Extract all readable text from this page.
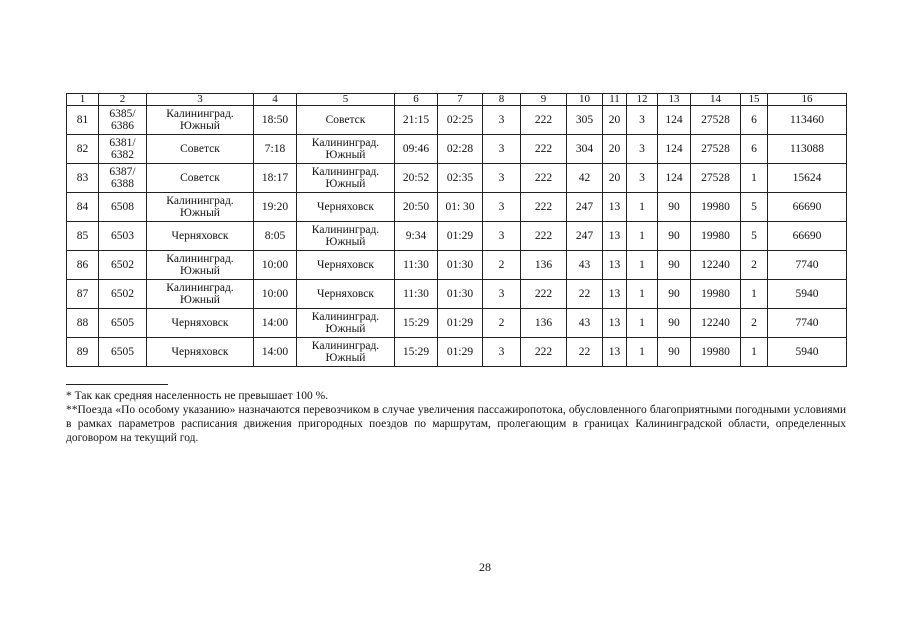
1	2	3	4	5	6	7	8	9	10	11	12	13	14	15	16
81	6385/ 6386	Калининград. Южный	18:50	Советск	21:15	02:25	3	222	305	20	3	124	27528	6	113460
82	6381/ 6382	Советск	7:18	Калининград. Южный	09:46	02:28	3	222	304	20	3	124	27528	6	113088
83	6387/ 6388	Советск	18:17	Калининград. Южный	20:52	02:35	3	222	42	20	3	124	27528	1	15624
84	6508	Калининград. Южный	19:20	Черняховск	20:50	01: 30	3	222	247	13	1	90	19980	5	66690
85	6503	Черняховск	8:05	Калининград. Южный	9:34	01:29	3	222	247	13	1	90	19980	5	66690
86	6502	Калининград. Южный	10:00	Черняховск	11:30	01:30	2	136	43	13	1	90	12240	2	7740
87	6502	Калининград. Южный	10:00	Черняховск	11:30	01:30	3	222	22	13	1	90	19980	1	5940
88	6505	Черняховск	14:00	Калининград. Южный	15:29	01:29	2	136	43	13	1	90	12240	2	7740
89	6505	Черняховск	14:00	Калининград. Южный	15:29	01:29	3	222	22	13	1	90	19980	1	5940
* Так как средняя населенность не превышает 100 %.
**Поезда «По особому указанию» назначаются перевозчиком в случае увеличения пассажиропотока, обусловленного благоприятными погодными условиями в рамках параметров расписания движения пригородных поездов по маршрутам, пролегающим в границах Калининградской области, определенных договором на текущий год.
28
